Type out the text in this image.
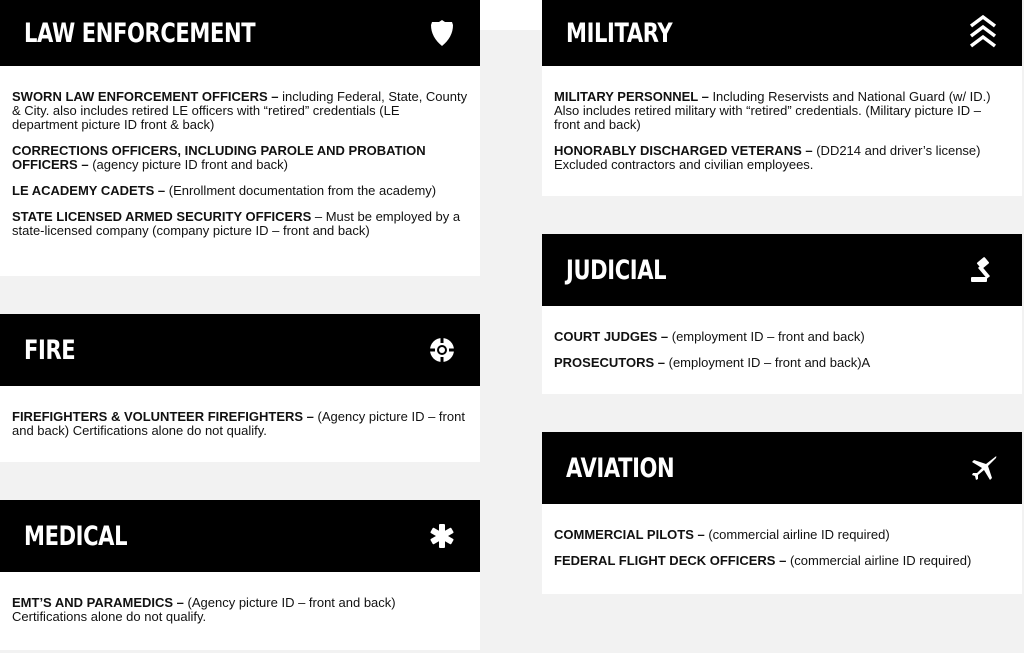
LAW ENFORCEMENT

SWORN LAW ENFORCEMENT OFFICERS – including Federal, State, County & City. also includes retired LE officers with “retired” credentials (LE department picture ID front & back)

CORRECTIONS OFFICERS, INCLUDING PAROLE AND PROBATION OFFICERS – (agency picture ID front and back)

LE ACADEMY CADETS – (Enrollment documentation from the academy)

STATE LICENSED ARMED SECURITY OFFICERS – Must be employed by a state-licensed company (company picture ID – front and back)

FIRE

FIREFIGHTERS & VOLUNTEER FIREFIGHTERS – (Agency picture ID – front and back) Certifications alone do not qualify.

MEDICAL

EMT’S AND PARAMEDICS – (Agency picture ID – front and back) Certifications alone do not qualify.

MILITARY

MILITARY PERSONNEL – Including Reservists and National Guard (w/ ID.) Also includes retired military with “retired” credentials. (Military picture ID – front and back)

HONORABLY DISCHARGED VETERANS – (DD214 and driver’s license) Excluded contractors and civilian employees.

JUDICIAL

COURT JUDGES – (employment ID – front and back)

PROSECUTORS – (employment ID – front and back)A

AVIATION

COMMERCIAL PILOTS – (commercial airline ID required)

FEDERAL FLIGHT DECK OFFICERS – (commercial airline ID required)
